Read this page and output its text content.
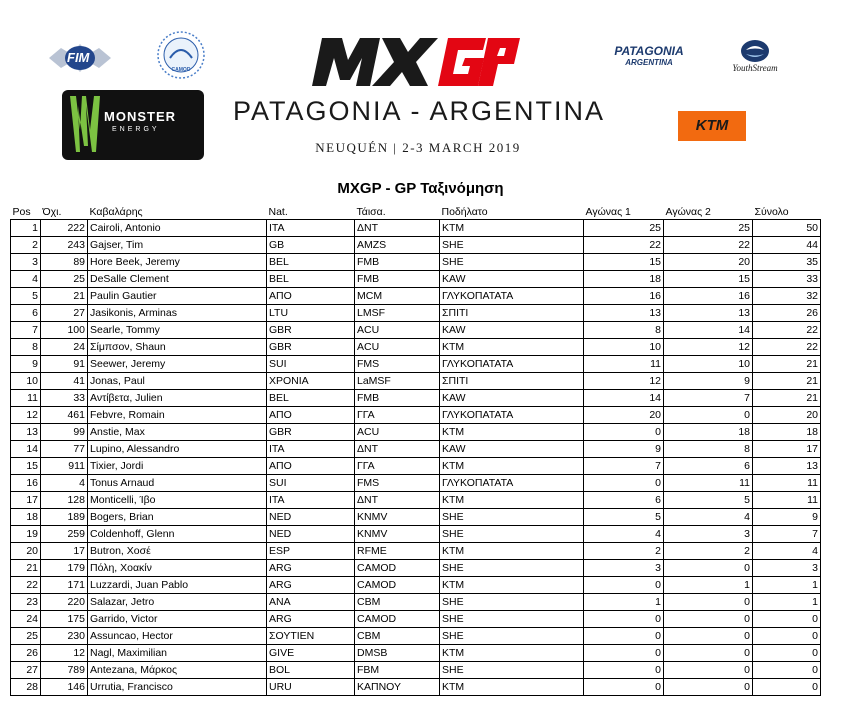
FIM
CAMOD
MONSTER
ENERGY
PATAGONIA - ARGENTINA
NEUQUÉN | 2-3 MARCH 2019
PATAGONIA
ARGENTINA
YouthStream
KTM
MXGP - GP Ταξινόμηση
Pos	Όχι.	Καβαλάρης	Nat.	Τάισα.	Ποδήλατο	Αγώνας 1	Αγώνας 2	Σύνολο
1	222	Cairoli, Antonio	ITA	ΔNT	KTM	25	25	50
2	243	Gajser, Tim	GB	AMZS	SHE	22	22	44
3	89	Hore Beek, Jeremy	BEL	FMB	SHE	15	20	35
4	25	DeSalle Clement	BEL	FMB	KAW	18	15	33
5	21	Paulin Gautier	ΑΠΟ	MCM	ΓΛΥΚΟΠΑΤΑΤΑ	16	16	32
6	27	Jasikonis, Arminas	LTU	LMSF	ΣΠΙΤΙ	13	13	26
7	100	Searle, Tommy	GBR	ACU	KAW	8	14	22
8	24	Σίμπσον, Shaun	GBR	ACU	KTM	10	12	22
9	91	Seewer, Jeremy	SUI	FMS	ΓΛΥΚΟΠΑΤΑΤΑ	11	10	21
10	41	Jonas, Paul	ΧΡΟΝΙΑ	LaMSF	ΣΠΙΤΙ	12	9	21
11	33	Αντίβετα, Julien	BEL	FMB	KAW	14	7	21
12	461	Febvre, Romain	ΑΠΟ	ΓΓΑ	ΓΛΥΚΟΠΑΤΑΤΑ	20	0	20
13	99	Anstie, Max	GBR	ACU	KTM	0	18	18
14	77	Lupino, Alessandro	ITA	ΔNT	KAW	9	8	17
15	911	Tixier, Jordi	ΑΠΟ	ΓΓΑ	KTM	7	6	13
16	4	Tonus Arnaud	SUI	FMS	ΓΛΥΚΟΠΑΤΑΤΑ	0	11	11
17	128	Monticelli, Ίβο	ITA	ΔNT	KTM	6	5	11
18	189	Bogers, Brian	NED	KNMV	SHE	5	4	9
19	259	Coldenhoff, Glenn	NED	KNMV	SHE	4	3	7
20	17	Butron, Χοσέ	ESP	RFME	KTM	2	2	4
21	179	Πόλη, Χοακίν	ARG	CAMOD	SHE	3	0	3
22	171	Luzzardi, Juan Pablo	ARG	CAMOD	KTM	0	1	1
23	220	Salazar, Jetro	ANA	CBM	SHE	1	0	1
24	175	Garrido, Victor	ARG	CAMOD	SHE	0	0	0
25	230	Assuncao, Hector	ΣΟΥΤΙΕΝ	CBM	SHE	0	0	0
26	12	Nagl, Maximilian	GIVE	DMSB	KTM	0	0	0
27	789	Antezana, Μάρκος	BOL	FBM	SHE	0	0	0
28	146	Urrutia, Francisco	URU	ΚΑΠΝΟΥ	KTM	0	0	0
